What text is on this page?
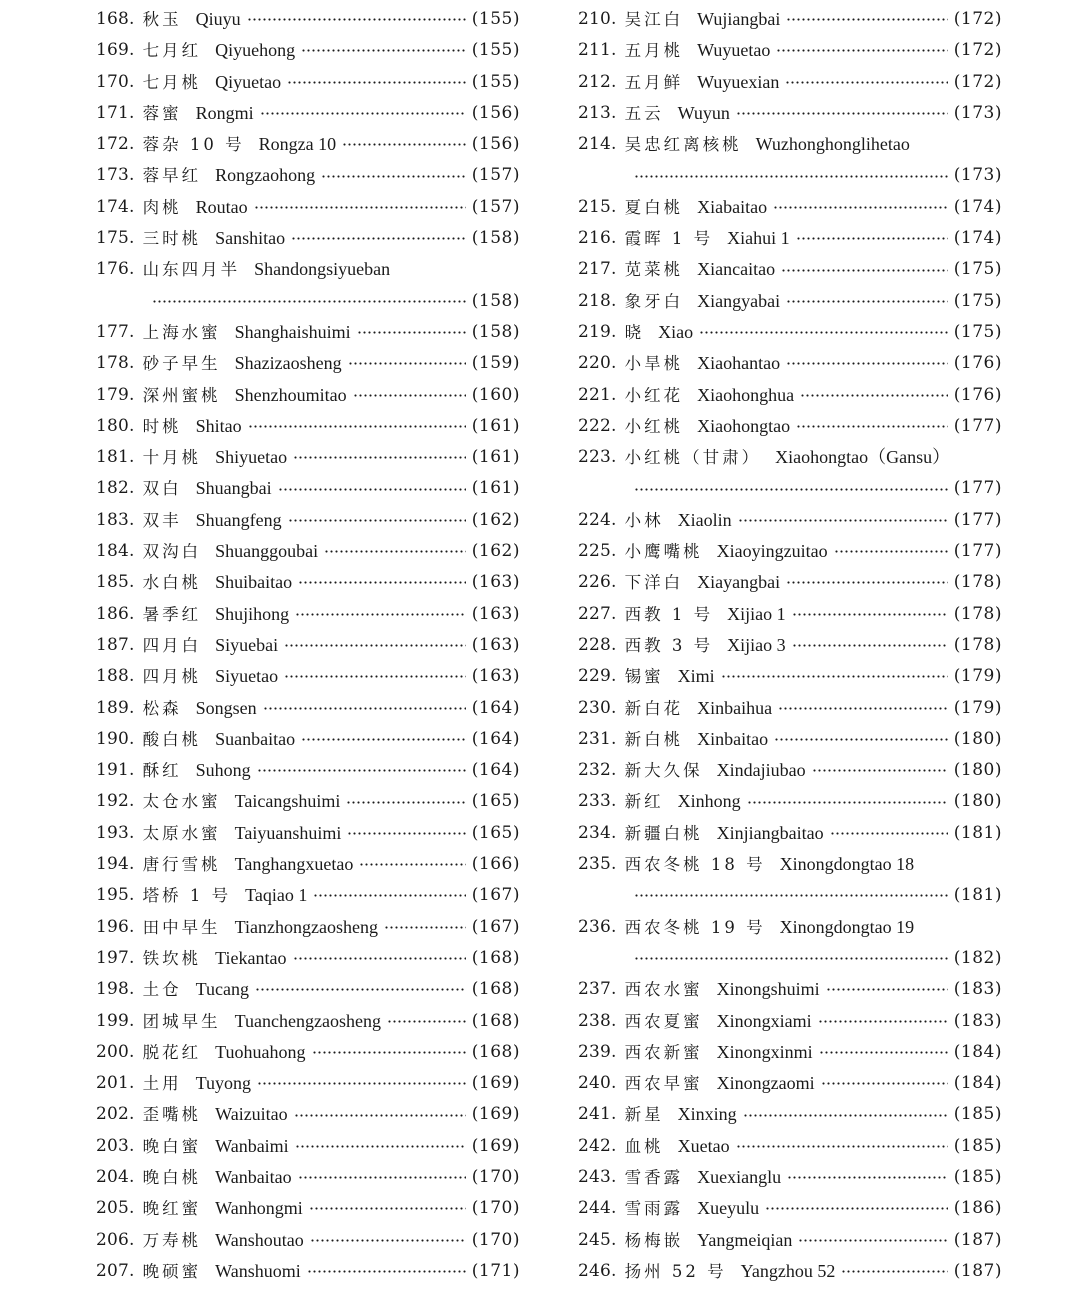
168. 秋玉 Qiuyu	(155)
169. 七月红 Qiyuehong	(155)
170. 七月桃 Qiyuetao	(155)
171. 蓉蜜 Rongmi	(156)
172. 蓉杂 10 号 Rongza 10	(156)
173. 蓉早红 Rongzaohong	(157)
174. 肉桃 Routao	(157)
175. 三时桃 Sanshitao	(158)
176. 山东四月半 Shandongsiyueban
(158)
177. 上海水蜜 Shanghaishuimi	(158)
178. 砂子早生 Shazizaosheng	(159)
179. 深州蜜桃 Shenzhoumitao	(160)
180. 时桃 Shitao	(161)
181. 十月桃 Shiyuetao	(161)
182. 双白 Shuangbai	(161)
183. 双丰 Shuangfeng	(162)
184. 双沟白 Shuanggoubai	(162)
185. 水白桃 Shuibaitao	(163)
186. 暑季红 Shujihong	(163)
187. 四月白 Siyuebai	(163)
188. 四月桃 Siyuetao	(163)
189. 松森 Songsen	(164)
190. 酸白桃 Suanbaitao	(164)
191. 酥红 Suhong	(164)
192. 太仓水蜜 Taicangshuimi	(165)
193. 太原水蜜 Taiyuanshuimi	(165)
194. 唐行雪桃 Tanghangxuetao	(166)
195. 塔桥 1 号 Taqiao 1	(167)
196. 田中早生 Tianzhongzaosheng	(167)
197. 铁坎桃 Tiekantao	(168)
198. 土仓 Tucang	(168)
199. 团城早生 Tuanchengzaosheng	(168)
200. 脱花红 Tuohuahong	(168)
201. 土用 Tuyong	(169)
202. 歪嘴桃 Waizuitao	(169)
203. 晚白蜜 Wanbaimi	(169)
204. 晚白桃 Wanbaitao	(170)
205. 晚红蜜 Wanhongmi	(170)
206. 万寿桃 Wanshoutao	(170)
207. 晚硕蜜 Wanshuomi	(171)
210. 吴江白 Wujiangbai	(172)
211. 五月桃 Wuyuetao	(172)
212. 五月鲜 Wuyuexian	(172)
213. 五云 Wuyun	(173)
214. 吴忠红离核桃 Wuzhonghonglihetao
(173)
215. 夏白桃 Xiabaitao	(174)
216. 霞晖 1 号 Xiahui 1	(174)
217. 苋菜桃 Xiancaitao	(175)
218. 象牙白 Xiangyabai	(175)
219. 晓 Xiao	(175)
220. 小旱桃 Xiaohantao	(176)
221. 小红花 Xiaohonghua	(176)
222. 小红桃 Xiaohongtao	(177)
223. 小红桃（甘肃） Xiaohongtao（Gansu）
(177)
224. 小林 Xiaolin	(177)
225. 小鹰嘴桃 Xiaoyingzuitao	(177)
226. 下洋白 Xiayangbai	(178)
227. 西教 1 号 Xijiao 1	(178)
228. 西教 3 号 Xijiao 3	(178)
229. 锡蜜 Ximi	(179)
230. 新白花 Xinbaihua	(179)
231. 新白桃 Xinbaitao	(180)
232. 新大久保 Xindajiubao	(180)
233. 新红 Xinhong	(180)
234. 新疆白桃 Xinjiangbaitao	(181)
235. 西农冬桃 18 号 Xinongdongtao 18
(181)
236. 西农冬桃 19 号 Xinongdongtao 19
(182)
237. 西农水蜜 Xinongshuimi	(183)
238. 西农夏蜜 Xinongxiami	(183)
239. 西农新蜜 Xinongxinmi	(184)
240. 西农早蜜 Xinongzaomi	(184)
241. 新星 Xinxing	(185)
242. 血桃 Xuetao	(185)
243. 雪香露 Xuexianglu	(185)
244. 雪雨露 Xueyulu	(186)
245. 杨梅嵌 Yangmeiqian	(187)
246. 扬州 52 号 Yangzhou 52	(187)
